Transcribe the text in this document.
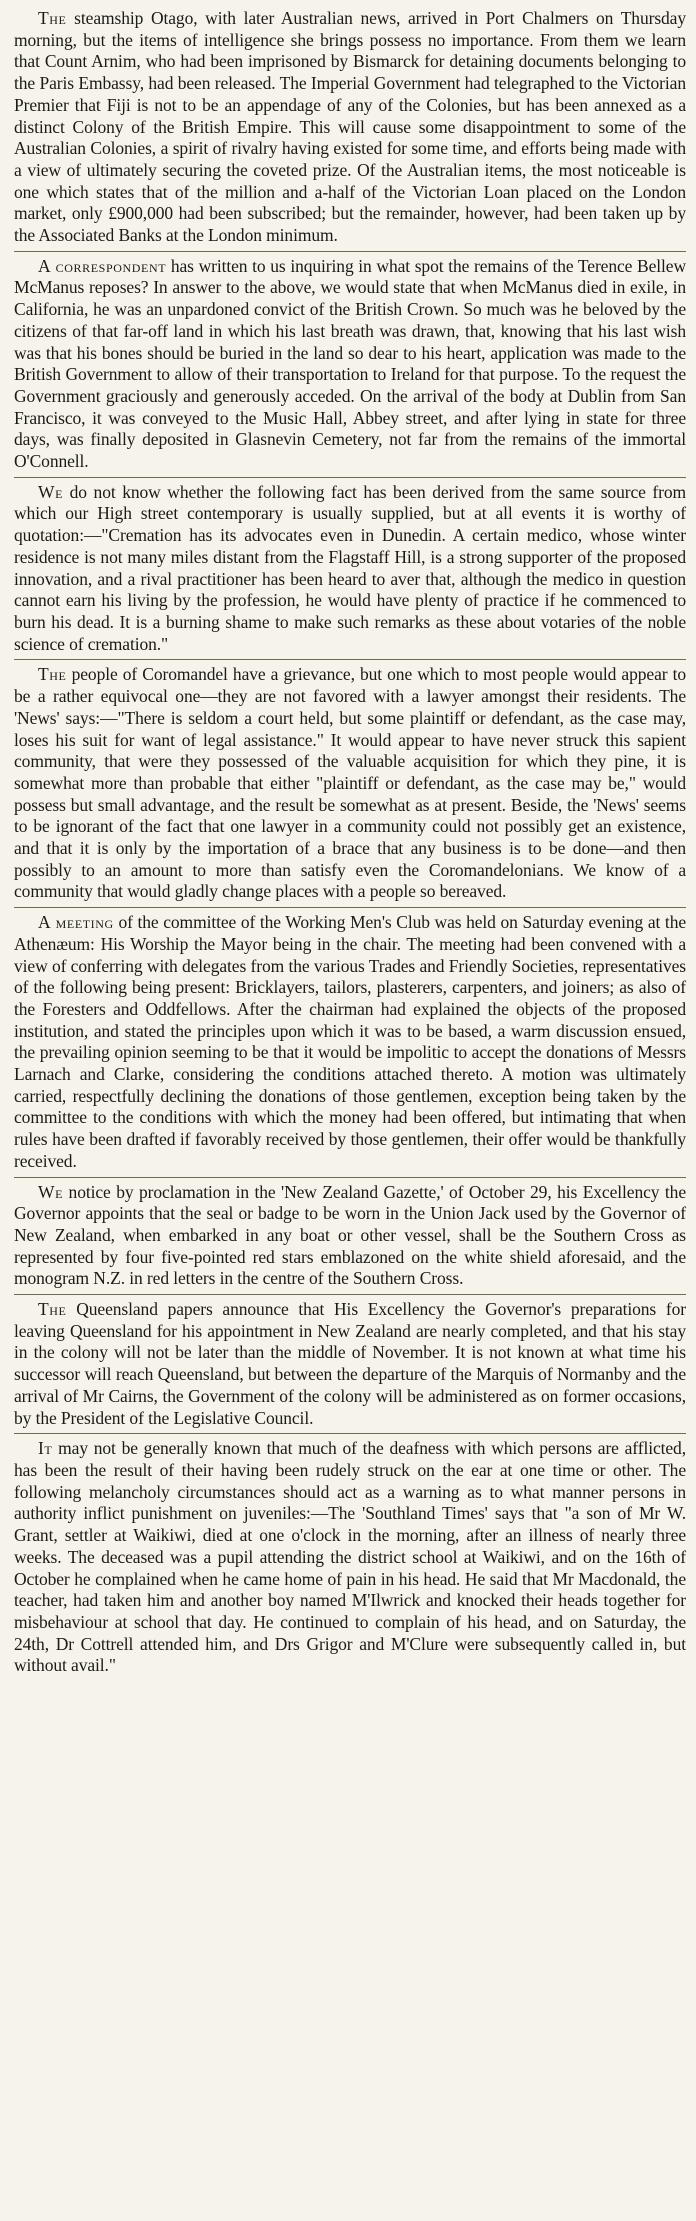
The steamship Otago, with later Australian news, arrived in Port Chalmers on Thursday morning, but the items of intelligence she brings possess no importance. From them we learn that Count Arnim, who had been imprisoned by Bismarck for detaining documents belonging to the Paris Embassy, had been released. The Imperial Government had telegraphed to the Victorian Premier that Fiji is not to be an appendage of any of the Colonies, but has been annexed as a distinct Colony of the British Empire. This will cause some disappointment to some of the Australian Colonies, a spirit of rivalry having existed for some time, and efforts being made with a view of ultimately securing the coveted prize. Of the Australian items, the most noticeable is one which states that of the million and a-half of the Victorian Loan placed on the London market, only £900,000 had been subscribed; but the remainder, however, had been taken up by the Associated Banks at the London minimum.

A correspondent has written to us inquiring in what spot the remains of the Terence Bellew McManus reposes? In answer to the above, we would state that when McManus died in exile, in California, he was an unpardoned convict of the British Crown. So much was he beloved by the citizens of that far-off land in which his last breath was drawn, that, knowing that his last wish was that his bones should be buried in the land so dear to his heart, application was made to the British Government to allow of their transportation to Ireland for that purpose. To the request the Government graciously and generously acceded. On the arrival of the body at Dublin from San Francisco, it was conveyed to the Music Hall, Abbey street, and after lying in state for three days, was finally deposited in Glasnevin Cemetery, not far from the remains of the immortal O'Connell.

We do not know whether the following fact has been derived from the same source from which our High street contemporary is usually supplied, but at all events it is worthy of quotation:—"Cremation has its advocates even in Dunedin. A certain medico, whose winter residence is not many miles distant from the Flagstaff Hill, is a strong supporter of the proposed innovation, and a rival practitioner has been heard to aver that, although the medico in question cannot earn his living by the profession, he would have plenty of practice if he commenced to burn his dead. It is a burning shame to make such remarks as these about votaries of the noble science of cremation."

The people of Coromandel have a grievance, but one which to most people would appear to be a rather equivocal one—they are not favored with a lawyer amongst their residents. The 'News' says:—"There is seldom a court held, but some plaintiff or defendant, as the case may, loses his suit for want of legal assistance." It would appear to have never struck this sapient community, that were they possessed of the valuable acquisition for which they pine, it is somewhat more than probable that either "plaintiff or defendant, as the case may be," would possess but small advantage, and the result be somewhat as at present. Beside, the 'News' seems to be ignorant of the fact that one lawyer in a community could not possibly get an existence, and that it is only by the importation of a brace that any business is to be done—and then possibly to an amount to more than satisfy even the Coromandelonians. We know of a community that would gladly change places with a people so bereaved.

A meeting of the committee of the Working Men's Club was held on Saturday evening at the Athenæum: His Worship the Mayor being in the chair. The meeting had been convened with a view of conferring with delegates from the various Trades and Friendly Societies, representatives of the following being present: Bricklayers, tailors, plasterers, carpenters, and joiners; as also of the Foresters and Oddfellows. After the chairman had explained the objects of the proposed institution, and stated the principles upon which it was to be based, a warm discussion ensued, the prevailing opinion seeming to be that it would be impolitic to accept the donations of Messrs Larnach and Clarke, considering the conditions attached thereto. A motion was ultimately carried, respectfully declining the donations of those gentlemen, exception being taken by the committee to the conditions with which the money had been offered, but intimating that when rules have been drafted if favorably received by those gentlemen, their offer would be thankfully received.

We notice by proclamation in the 'New Zealand Gazette,' of October 29, his Excellency the Governor appoints that the seal or badge to be worn in the Union Jack used by the Governor of New Zealand, when embarked in any boat or other vessel, shall be the Southern Cross as represented by four five-pointed red stars emblazoned on the white shield aforesaid, and the monogram N.Z. in red letters in the centre of the Southern Cross.

The Queensland papers announce that His Excellency the Governor's preparations for leaving Queensland for his appointment in New Zealand are nearly completed, and that his stay in the colony will not be later than the middle of November. It is not known at what time his successor will reach Queensland, but between the departure of the Marquis of Normanby and the arrival of Mr Cairns, the Government of the colony will be administered as on former occasions, by the President of the Legislative Council.

It may not be generally known that much of the deafness with which persons are afflicted, has been the result of their having been rudely struck on the ear at one time or other. The following melancholy circumstances should act as a warning as to what manner persons in authority inflict punishment on juveniles:—The 'Southland Times' says that "a son of Mr W. Grant, settler at Waikiwi, died at one o'clock in the morning, after an illness of nearly three weeks. The deceased was a pupil attending the district school at Waikiwi, and on the 16th of October he complained when he came home of pain in his head. He said that Mr Macdonald, the teacher, had taken him and another boy named M'Ilwrick and knocked their heads together for misbehaviour at school that day. He continued to complain of his head, and on Saturday, the 24th, Dr Cottrell attended him, and Drs Grigor and M'Clure were subsequently called in, but without avail."
